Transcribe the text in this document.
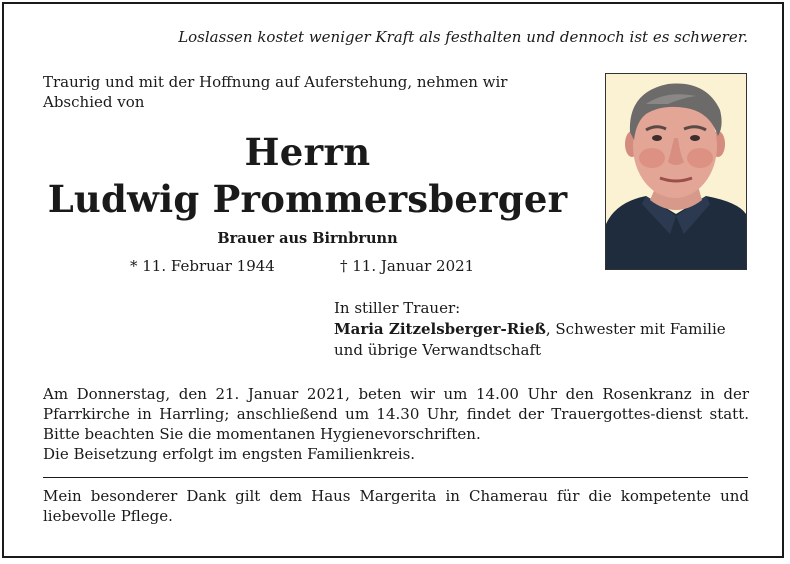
Loslassen kostet weniger Kraft als festhalten und dennoch ist es schwerer.
Traurig und mit der Hoffnung auf Auferstehung, nehmen wir Abschied von
Herrn
Ludwig Prommersberger
Brauer aus Birnbrunn
* 11. Februar 1944	† 11. Januar 2021
In stiller Trauer:
Maria Zitzelsberger-Rieß, Schwester mit Familie
und übrige Verwandtschaft
Am Donnerstag, den 21. Januar 2021, beten wir um 14.00 Uhr den Rosenkranz in der Pfarrkirche in Harrling; anschließend um 14.30 Uhr, findet der Trauergottes-dienst statt. Bitte beachten Sie die momentanen Hygienevorschriften.
Die Beisetzung erfolgt im engsten Familienkreis.
Mein besonderer Dank gilt dem Haus Margerita in Chamerau für die kompetente und liebevolle Pflege.
